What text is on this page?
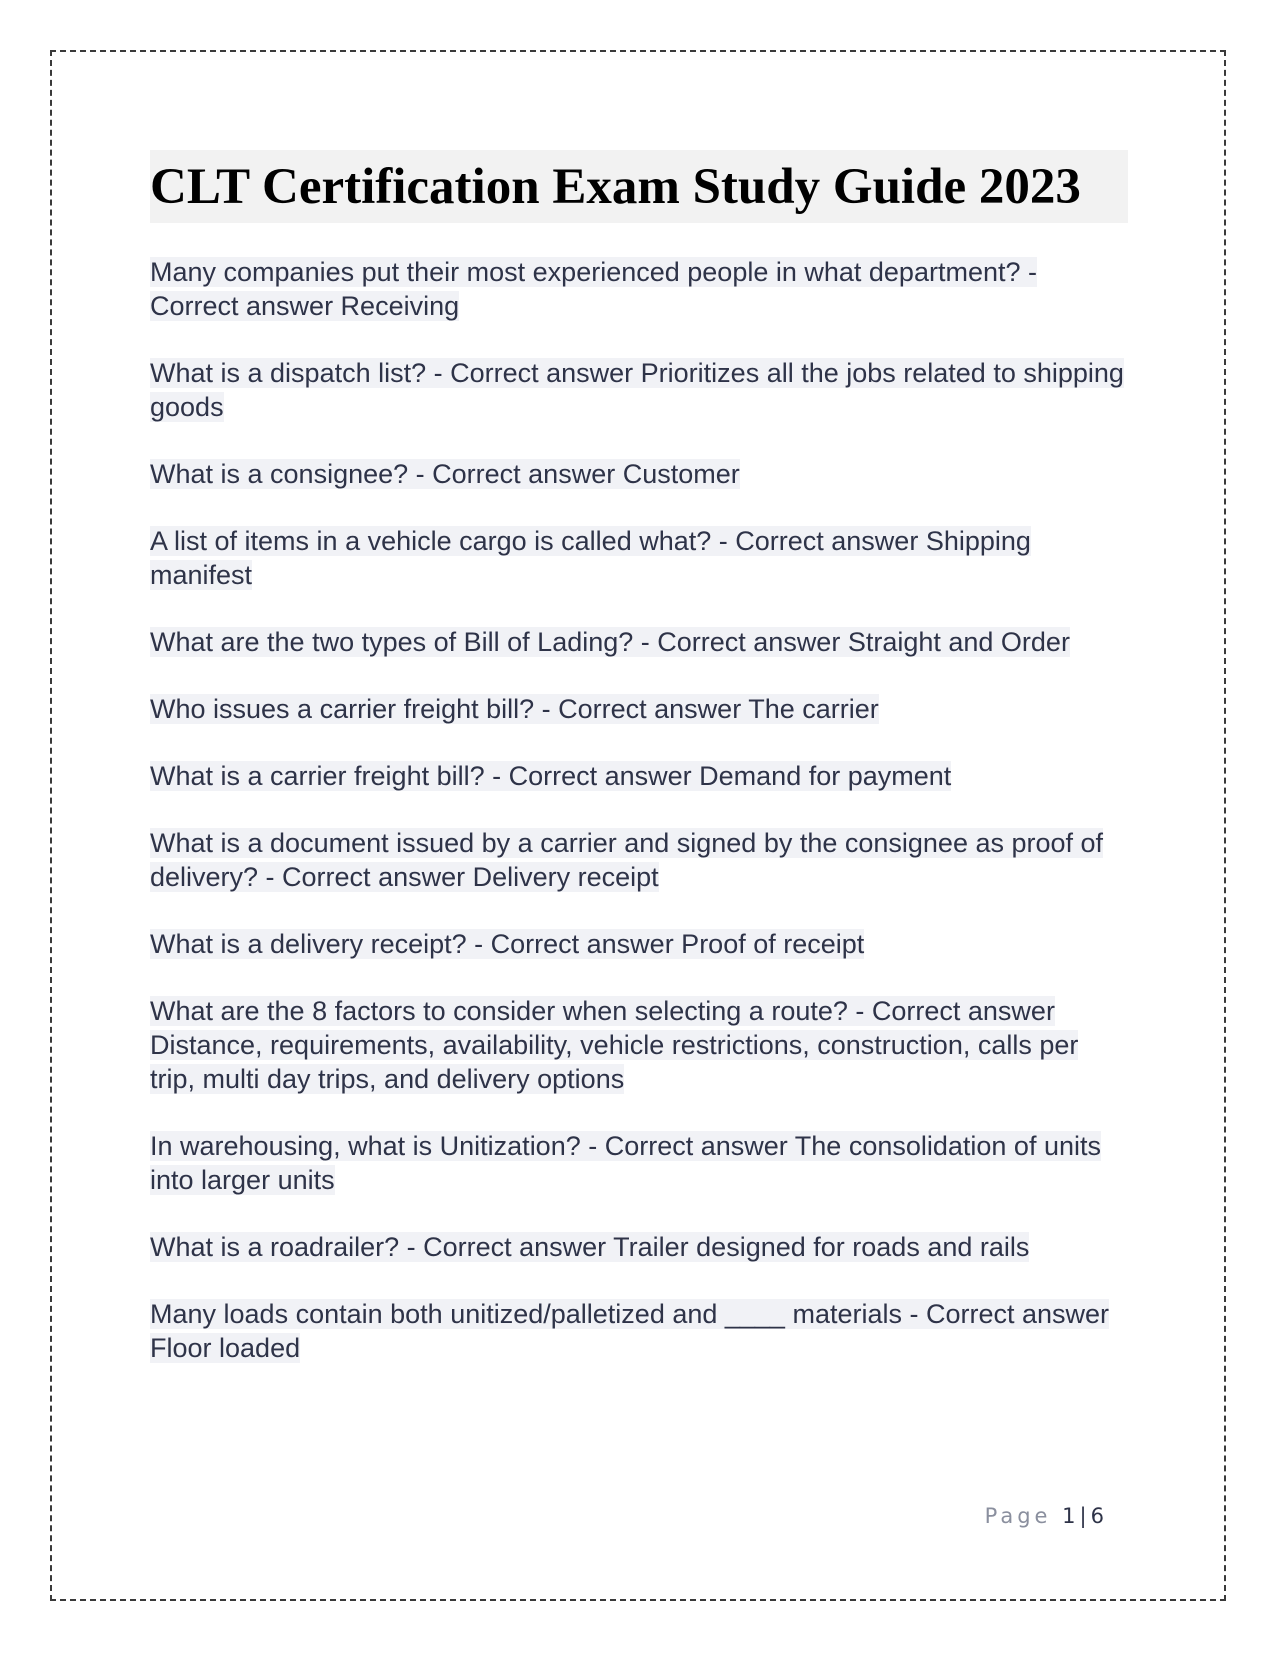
CLT Certification Exam Study Guide 2023

Many companies put their most experienced people in what department? - Correct answer Receiving

What is a dispatch list? - Correct answer Prioritizes all the jobs related to shipping goods

What is a consignee? - Correct answer Customer

A list of items in a vehicle cargo is called what? - Correct answer Shipping manifest

What are the two types of Bill of Lading? - Correct answer Straight and Order

Who issues a carrier freight bill? - Correct answer The carrier

What is a carrier freight bill? - Correct answer Demand for payment

What is a document issued by a carrier and signed by the consignee as proof of delivery? - Correct answer Delivery receipt

What is a delivery receipt? - Correct answer Proof of receipt

What are the 8 factors to consider when selecting a route? - Correct answer Distance, requirements, availability, vehicle restrictions, construction, calls per trip, multi day trips, and delivery options

In warehousing, what is Unitization? - Correct answer The consolidation of units into larger units

What is a roadrailer? - Correct answer Trailer designed for roads and rails

Many loads contain both unitized/palletized and ____ materials - Correct answer Floor loaded

Page 1 | 6
